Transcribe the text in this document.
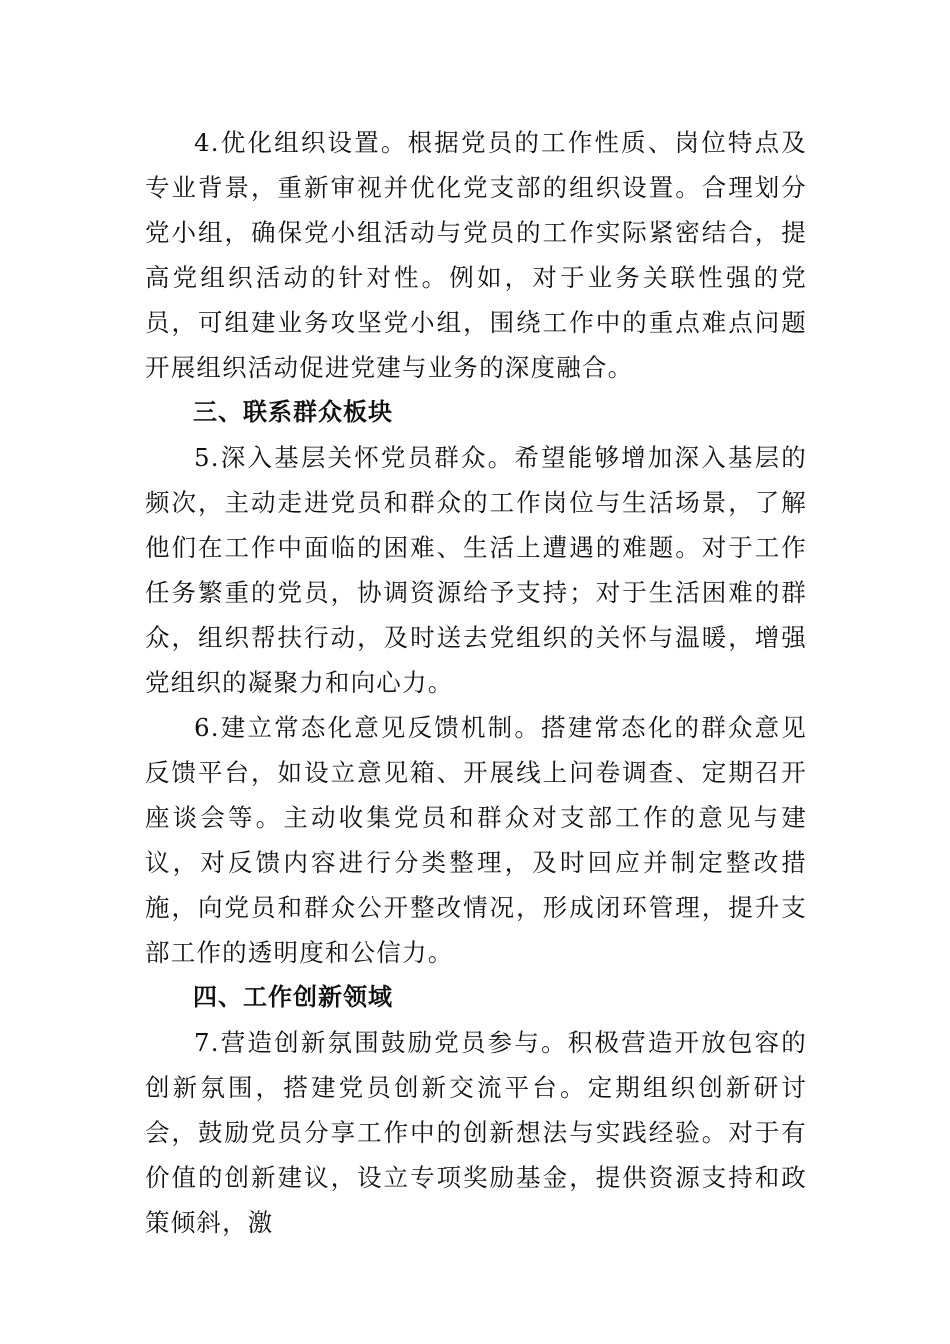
4.优化组织设置。根据党员的工作性质、岗位特点及专业背景，重新审视并优化党支部的组织设置。合理划分党小组，确保党小组活动与党员的工作实际紧密结合，提高党组织活动的针对性。例如，对于业务关联性强的党员，可组建业务攻坚党小组，围绕工作中的重点难点问题开展组织活动促进党建与业务的深度融合。

三、联系群众板块

5.深入基层关怀党员群众。希望能够增加深入基层的频次，主动走进党员和群众的工作岗位与生活场景，了解他们在工作中面临的困难、生活上遭遇的难题。对于工作任务繁重的党员，协调资源给予支持；对于生活困难的群众，组织帮扶行动，及时送去党组织的关怀与温暖，增强党组织的凝聚力和向心力。

6.建立常态化意见反馈机制。搭建常态化的群众意见反馈平台，如设立意见箱、开展线上问卷调查、定期召开座谈会等。主动收集党员和群众对支部工作的意见与建议，对反馈内容进行分类整理，及时回应并制定整改措施，向党员和群众公开整改情况，形成闭环管理，提升支部工作的透明度和公信力。

四、工作创新领域

7.营造创新氛围鼓励党员参与。积极营造开放包容的创新氛围，搭建党员创新交流平台。定期组织创新研讨会，鼓励党员分享工作中的创新想法与实践经验。对于有价值的创新建议，设立专项奖励基金，提供资源支持和政策倾斜，激
